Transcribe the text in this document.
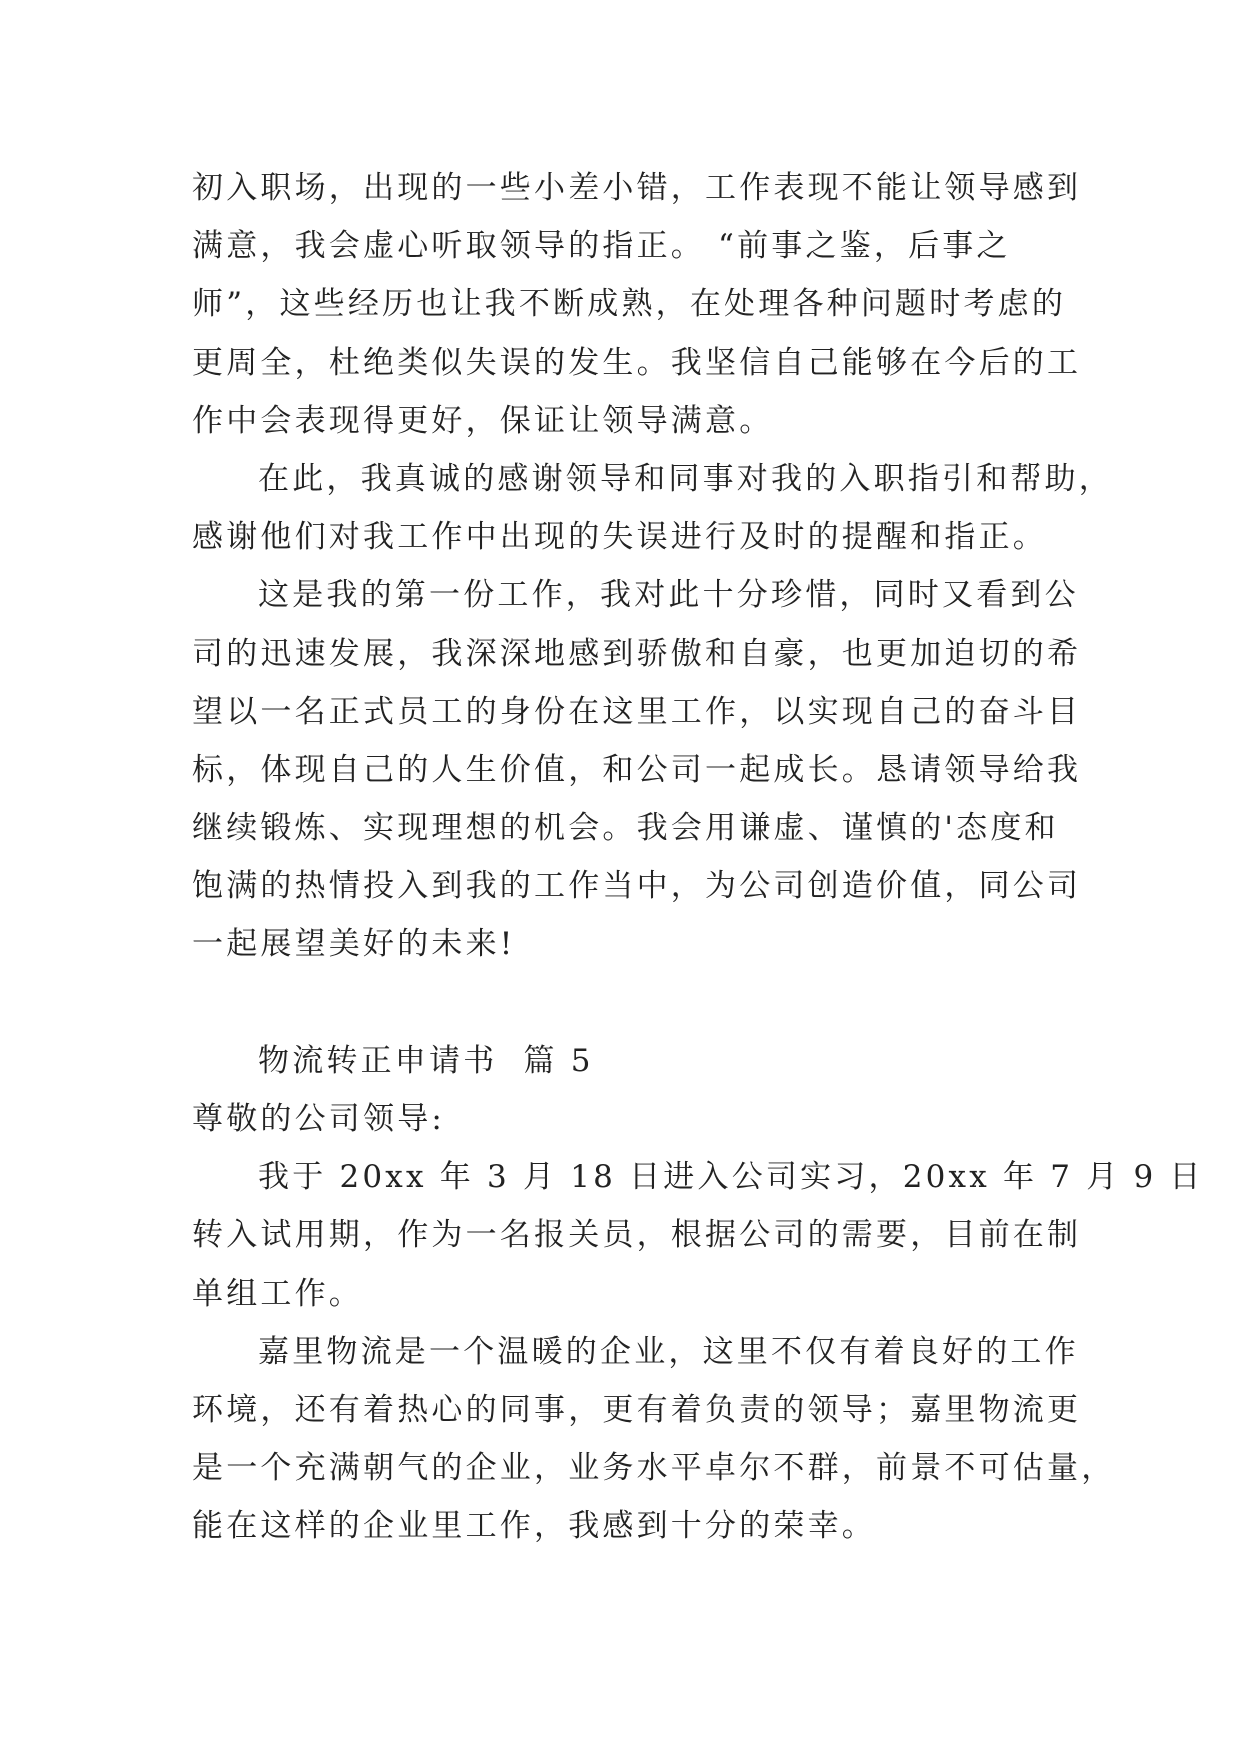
初入职场，出现的一些小差小错，工作表现不能让领导感到
满意，我会虚心听取领导的指正。 “前事之鉴，后事之
师”，这些经历也让我不断成熟，在处理各种问题时考虑的
更周全，杜绝类似失误的发生。我坚信自己能够在今后的工
作中会表现得更好，保证让领导满意。
在此，我真诚的感谢领导和同事对我的入职指引和帮助，
感谢他们对我工作中出现的失误进行及时的提醒和指正。
这是我的第一份工作，我对此十分珍惜，同时又看到公
司的迅速发展，我深深地感到骄傲和自豪，也更加迫切的希
望以一名正式员工的身份在这里工作，以实现自己的奋斗目
标，体现自己的人生价值，和公司一起成长。恳请领导给我
继续锻炼、实现理想的机会。我会用谦虚、谨慎的'态度和
饱满的热情投入到我的工作当中，为公司创造价值，同公司
一起展望美好的未来!
物流转正申请书  篇 5
尊敬的公司领导:
我于 20xx 年 3 月 18 日进入公司实习，20xx 年 7 月 9 日
转入试用期，作为一名报关员，根据公司的需要，目前在制
单组工作。
嘉里物流是一个温暖的企业，这里不仅有着良好的工作
环境，还有着热心的同事，更有着负责的领导；嘉里物流更
是一个充满朝气的企业，业务水平卓尔不群，前景不可估量，
能在这样的企业里工作，我感到十分的荣幸。
